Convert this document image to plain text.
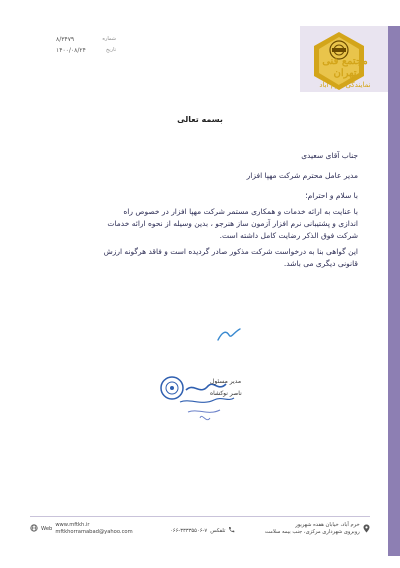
۸/۳۴۷۹	شماره
۱۴۰۰/۰۸/۲۴	تاریخ
مجتمع فنی تهران
نمایندگی خرم آباد
بسمه تعالی

جناب آقای سعیدی

مدیر عامل محترم شرکت مهپا افزار

با سلام و احترام؛

با عنایت به ارائه خدمات و همکاری مستمر شرکت مهپا افزار در خصوص راه

اندازی و پشتیبانی نرم افزار آزمون ساز هنرجو ، بدین وسیله از نحوه ارائه خدمات

شرکت فوق الذکر رضایت کامل داشته است.

این گواهی بنا به درخواست شرکت مذکور صادر گردیده است و فاقد هرگونه ارزش

قانونی دیگری می باشد.

مدیر مسئول
ناصر نوکشاه
Web
www.mftkh.ir
mftkhorramabad@yahoo.com	۰۶۶-۳۳۳۳۵۵۰۶-۷ تلفکس
خرم آباد، خیابان هفده شهریور
روبروی شهرداری مرکزی، جنب بیمه سلامت
